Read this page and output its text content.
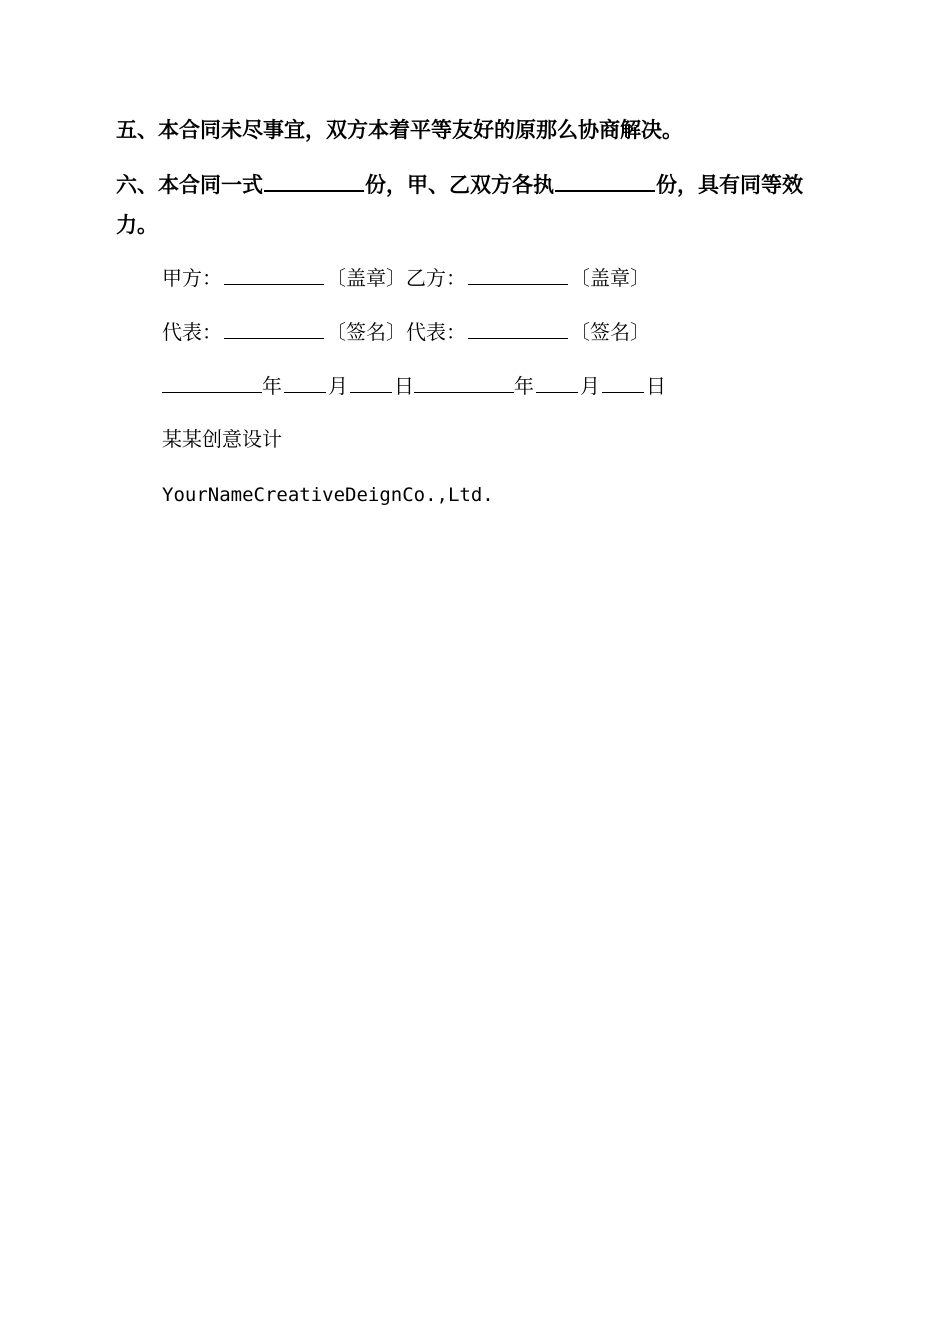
五、本合同未尽事宜，双方本着平等友好的原那么协商解决。

六、本合同一式	份，甲、乙双方各执	份，具有同等效力。

甲方：	〔盖章〕乙方：	〔盖章〕

代表：	〔签名〕代表：	〔签名〕

年 月 日	年 月 日

某某创意设计

YourNameCreativeDeignCo.,Ltd.
